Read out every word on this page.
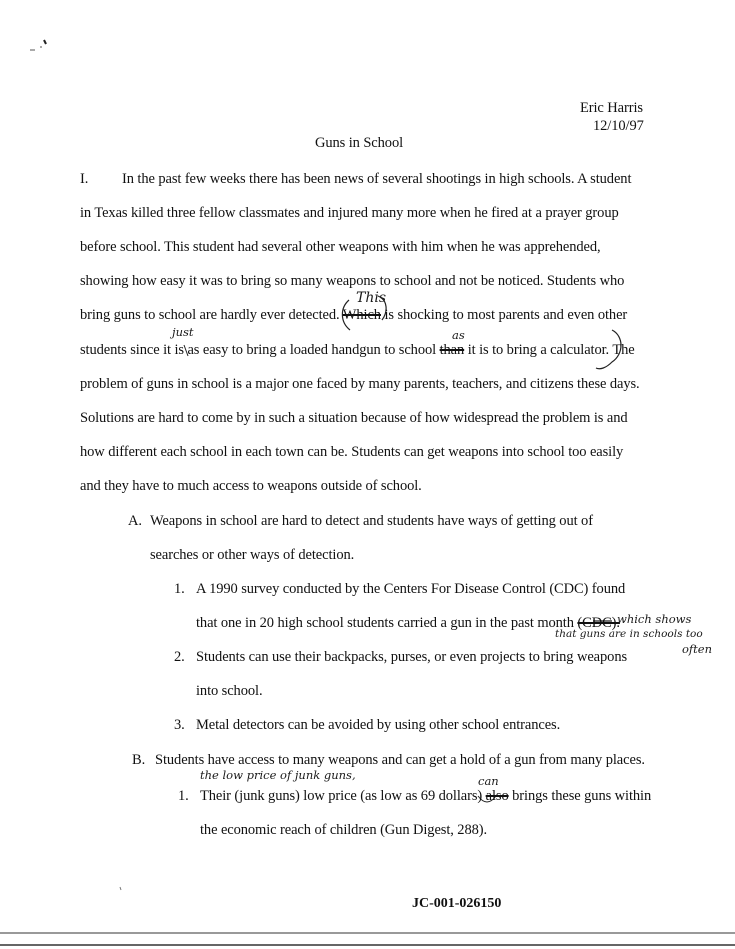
Eric Harris
12/10/97
Guns in School
I. In the past few weeks there has been news of several shootings in high schools. A student
in Texas killed three fellow classmates and injured many more when he fired at a prayer group
before school. This student had several other weapons with him when he was apprehended,
showing how easy it was to bring so many weapons to school and not be noticed. Students who
bring guns to school are hardly ever detected. Which is shocking to most parents and even other
This
students since it is as easy to bring a loaded handgun to school than it is to bring a calculator. The
just	as
problem of guns in school is a major one faced by many parents, teachers, and citizens these days.
Solutions are hard to come by in such a situation because of how widespread the problem is and
how different each school in each town can be. Students can get weapons into school too easily
and they have to much access to weapons outside of school.
A. Weapons in school are hard to detect and students have ways of getting out of
searches or other ways of detection.
1. A 1990 survey conducted by the Centers For Disease Control (CDC) found
that one in 20 high school students carried a gun in the past month (CDC).
which shows
that guns are in schools too
often
2. Students can use their backpacks, purses, or even projects to bring weapons
into school.
3. Metal detectors can be avoided by using other school entrances.
B. Students have access to many weapons and can get a hold of a gun from many places.
the low price of junk guns,
1. Their (junk guns) low price (as low as 69 dollars) also brings these guns within
can
the economic reach of children (Gun Digest, 288).
JC-001-026150
